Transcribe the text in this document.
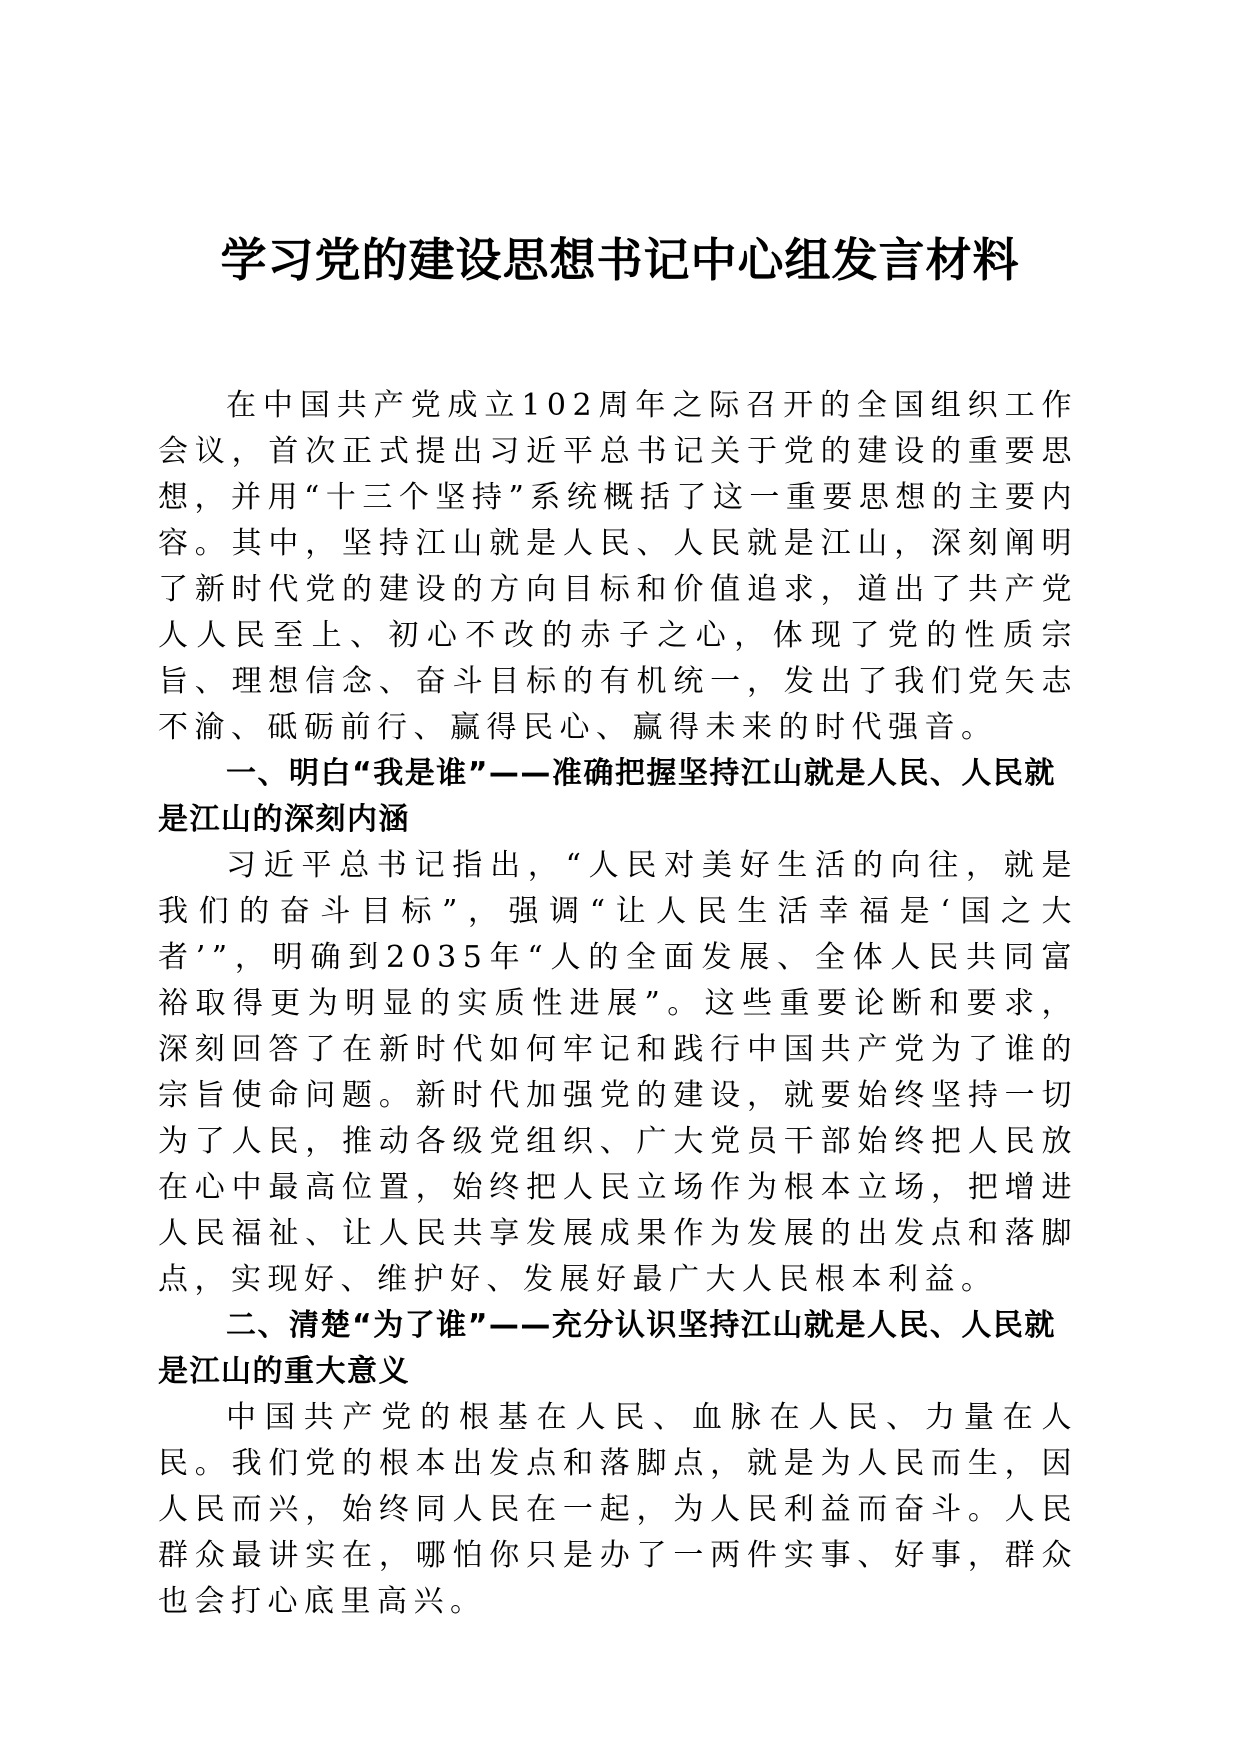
学习党的建设思想书记中心组发言材料

在中国共产党成立102周年之际召开的全国组织工作会议，首次正式提出习近平总书记关于党的建设的重要思想，并用“十三个坚持”系统概括了这一重要思想的主要内容。其中，坚持江山就是人民、人民就是江山，深刻阐明了新时代党的建设的方向目标和价值追求，道出了共产党人人民至上、初心不改的赤子之心，体现了党的性质宗旨、理想信念、奋斗目标的有机统一，发出了我们党矢志不渝、砥砺前行、赢得民心、赢得未来的时代强音。

一、明白“我是谁”——准确把握坚持江山就是人民、人民就是江山的深刻内涵

习近平总书记指出，“人民对美好生活的向往，就是我们的奋斗目标”，强调“让人民生活幸福是‘国之大者’”，明确到2035年“人的全面发展、全体人民共同富裕取得更为明显的实质性进展”。这些重要论断和要求，深刻回答了在新时代如何牢记和践行中国共产党为了谁的宗旨使命问题。新时代加强党的建设，就要始终坚持一切为了人民，推动各级党组织、广大党员干部始终把人民放在心中最高位置，始终把人民立场作为根本立场，把增进人民福祉、让人民共享发展成果作为发展的出发点和落脚点，实现好、维护好、发展好最广大人民根本利益。

二、清楚“为了谁”——充分认识坚持江山就是人民、人民就是江山的重大意义

中国共产党的根基在人民、血脉在人民、力量在人民。我们党的根本出发点和落脚点，就是为人民而生，因人民而兴，始终同人民在一起，为人民利益而奋斗。人民群众最讲实在，哪怕你只是办了一两件实事、好事，群众也会打心底里高兴。
